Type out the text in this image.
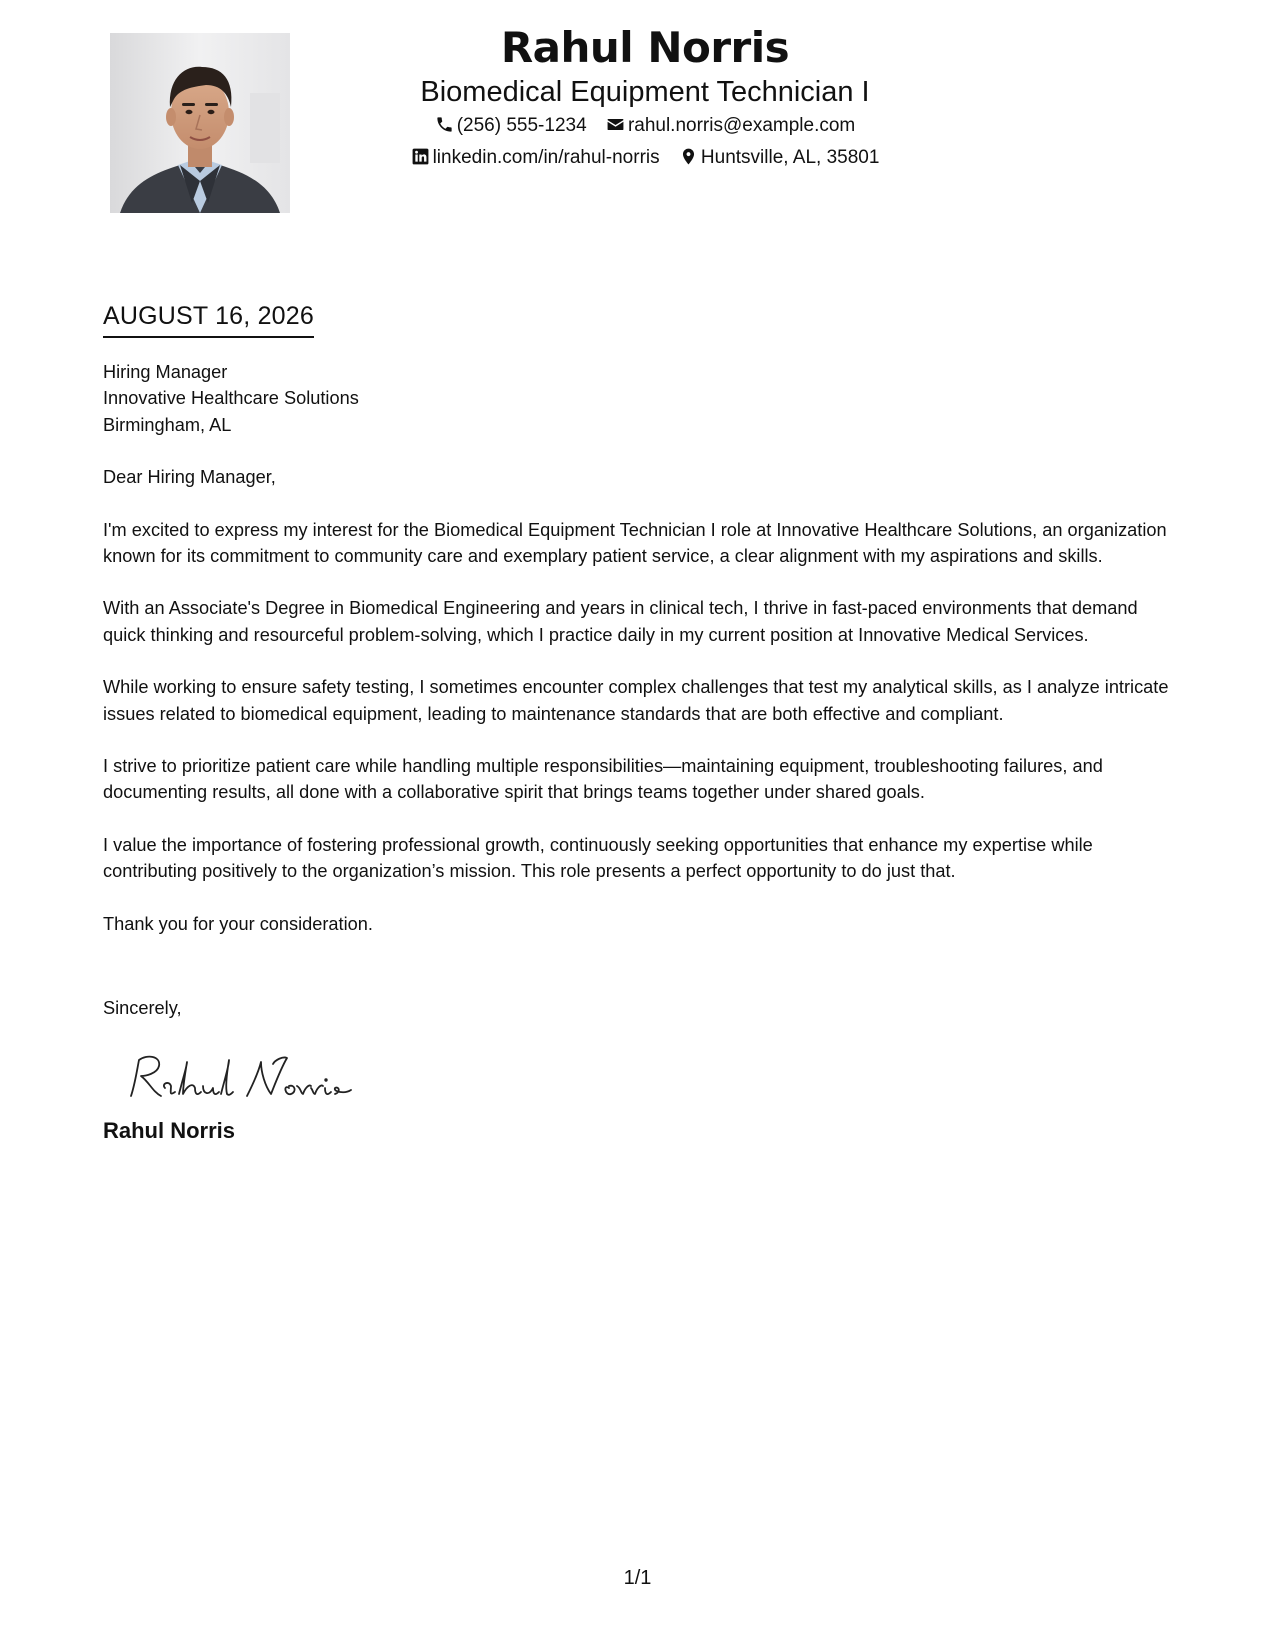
Rahul Norris
Biomedical Equipment Technician I
(256) 555-1234 rahul.norris@example.com
linkedin.com/in/rahul-norris Huntsville, AL, 35801
AUGUST 16, 2026
Hiring Manager
Innovative Healthcare Solutions
Birmingham, AL
Dear Hiring Manager,
I'm excited to express my interest for the Biomedical Equipment Technician I role at Innovative Healthcare Solutions, an organization known for its commitment to community care and exemplary patient service, a clear alignment with my aspirations and skills.
With an Associate's Degree in Biomedical Engineering and years in clinical tech, I thrive in fast-paced environments that demand quick thinking and resourceful problem-solving, which I practice daily in my current position at Innovative Medical Services.
While working to ensure safety testing, I sometimes encounter complex challenges that test my analytical skills, as I analyze intricate issues related to biomedical equipment, leading to maintenance standards that are both effective and compliant.
I strive to prioritize patient care while handling multiple responsibilities—maintaining equipment, troubleshooting failures, and documenting results, all done with a collaborative spirit that brings teams together under shared goals.
I value the importance of fostering professional growth, continuously seeking opportunities that enhance my expertise while contributing positively to the organization’s mission. This role presents a perfect opportunity to do just that.
Thank you for your consideration.
Sincerely,
Rahul Norris
1/1
